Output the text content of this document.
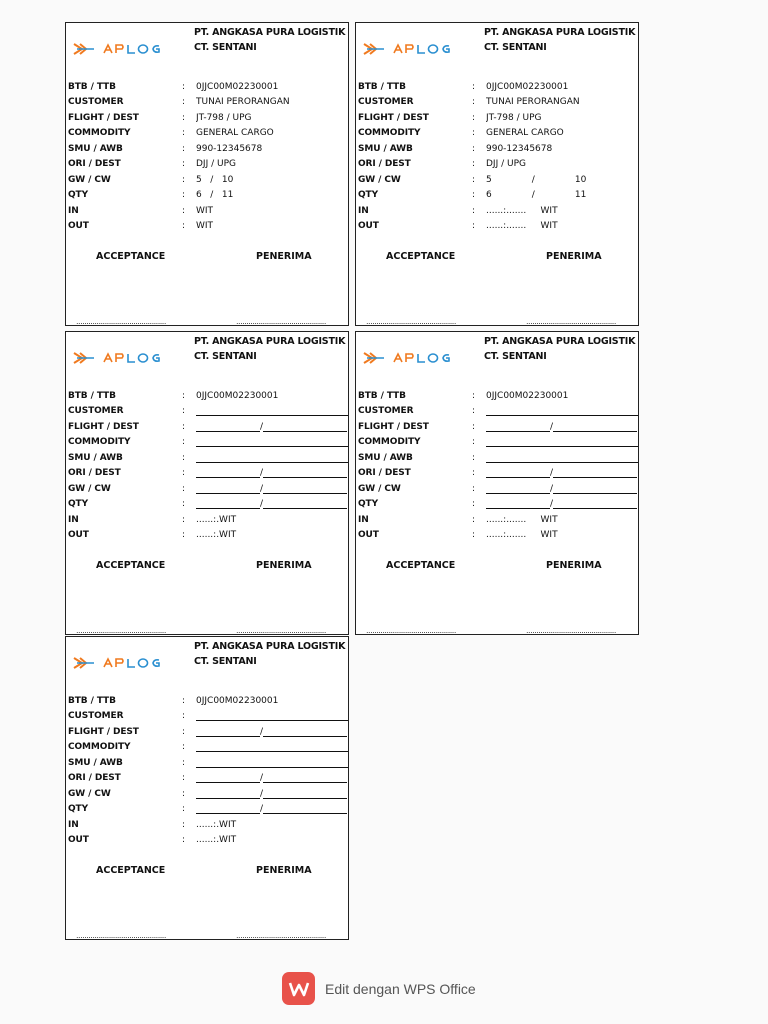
PT. ANGKASA PURA LOGISTIK
CT. SENTANI
BTB / TTB	:	0JJC00M02230001
CUSTOMER	:	TUNAI PERORANGAN
FLIGHT / DEST	:	JT-798 / UPG
COMMODITY	:	GENERAL CARGO
SMU / AWB	:	990-12345678
ORI / DEST	:	DJJ / UPG
GW / CW	:	5   /   10
QTY	:	6   /   11
IN	:	WIT
OUT	:	WIT
ACCEPTANCE	PENERIMA
............................................	............................................
PT. ANGKASA PURA LOGISTIK
CT. SENTANI
BTB / TTB	:	0JJC00M02230001
CUSTOMER	:	TUNAI PERORANGAN
FLIGHT / DEST	:	JT-798 / UPG
COMMODITY	:	GENERAL CARGO
SMU / AWB	:	990-12345678
ORI / DEST	:	DJJ / UPG
GW / CW	:	5              /              10
QTY	:	6              /              11
IN	:	......:.......     WIT
OUT	:	......:.......     WIT
ACCEPTANCE	PENERIMA
............................................	............................................
PT. ANGKASA PURA LOGISTIK
CT. SENTANI
BTB / TTB	:	0JJC00M02230001
CUSTOMER	:
FLIGHT / DEST	:	/
COMMODITY	:
SMU / AWB	:
ORI / DEST	:	/
GW / CW	:	/
QTY	:	/
IN	:	......:.WIT
OUT	:	......:.WIT
ACCEPTANCE	PENERIMA
............................................	............................................
PT. ANGKASA PURA LOGISTIK
CT. SENTANI
BTB / TTB	:	0JJC00M02230001
CUSTOMER	:
FLIGHT / DEST	:	/
COMMODITY	:
SMU / AWB	:
ORI / DEST	:	/
GW / CW	:	/
QTY	:	/
IN	:	......:.......     WIT
OUT	:	......:.......     WIT
ACCEPTANCE	PENERIMA
............................................	............................................
PT. ANGKASA PURA LOGISTIK
CT. SENTANI
BTB / TTB	:	0JJC00M02230001
CUSTOMER	:
FLIGHT / DEST	:	/
COMMODITY	:
SMU / AWB	:
ORI / DEST	:	/
GW / CW	:	/
QTY	:	/
IN	:	......:.WIT
OUT	:	......:.WIT
ACCEPTANCE	PENERIMA
............................................	............................................
Edit dengan WPS Office
